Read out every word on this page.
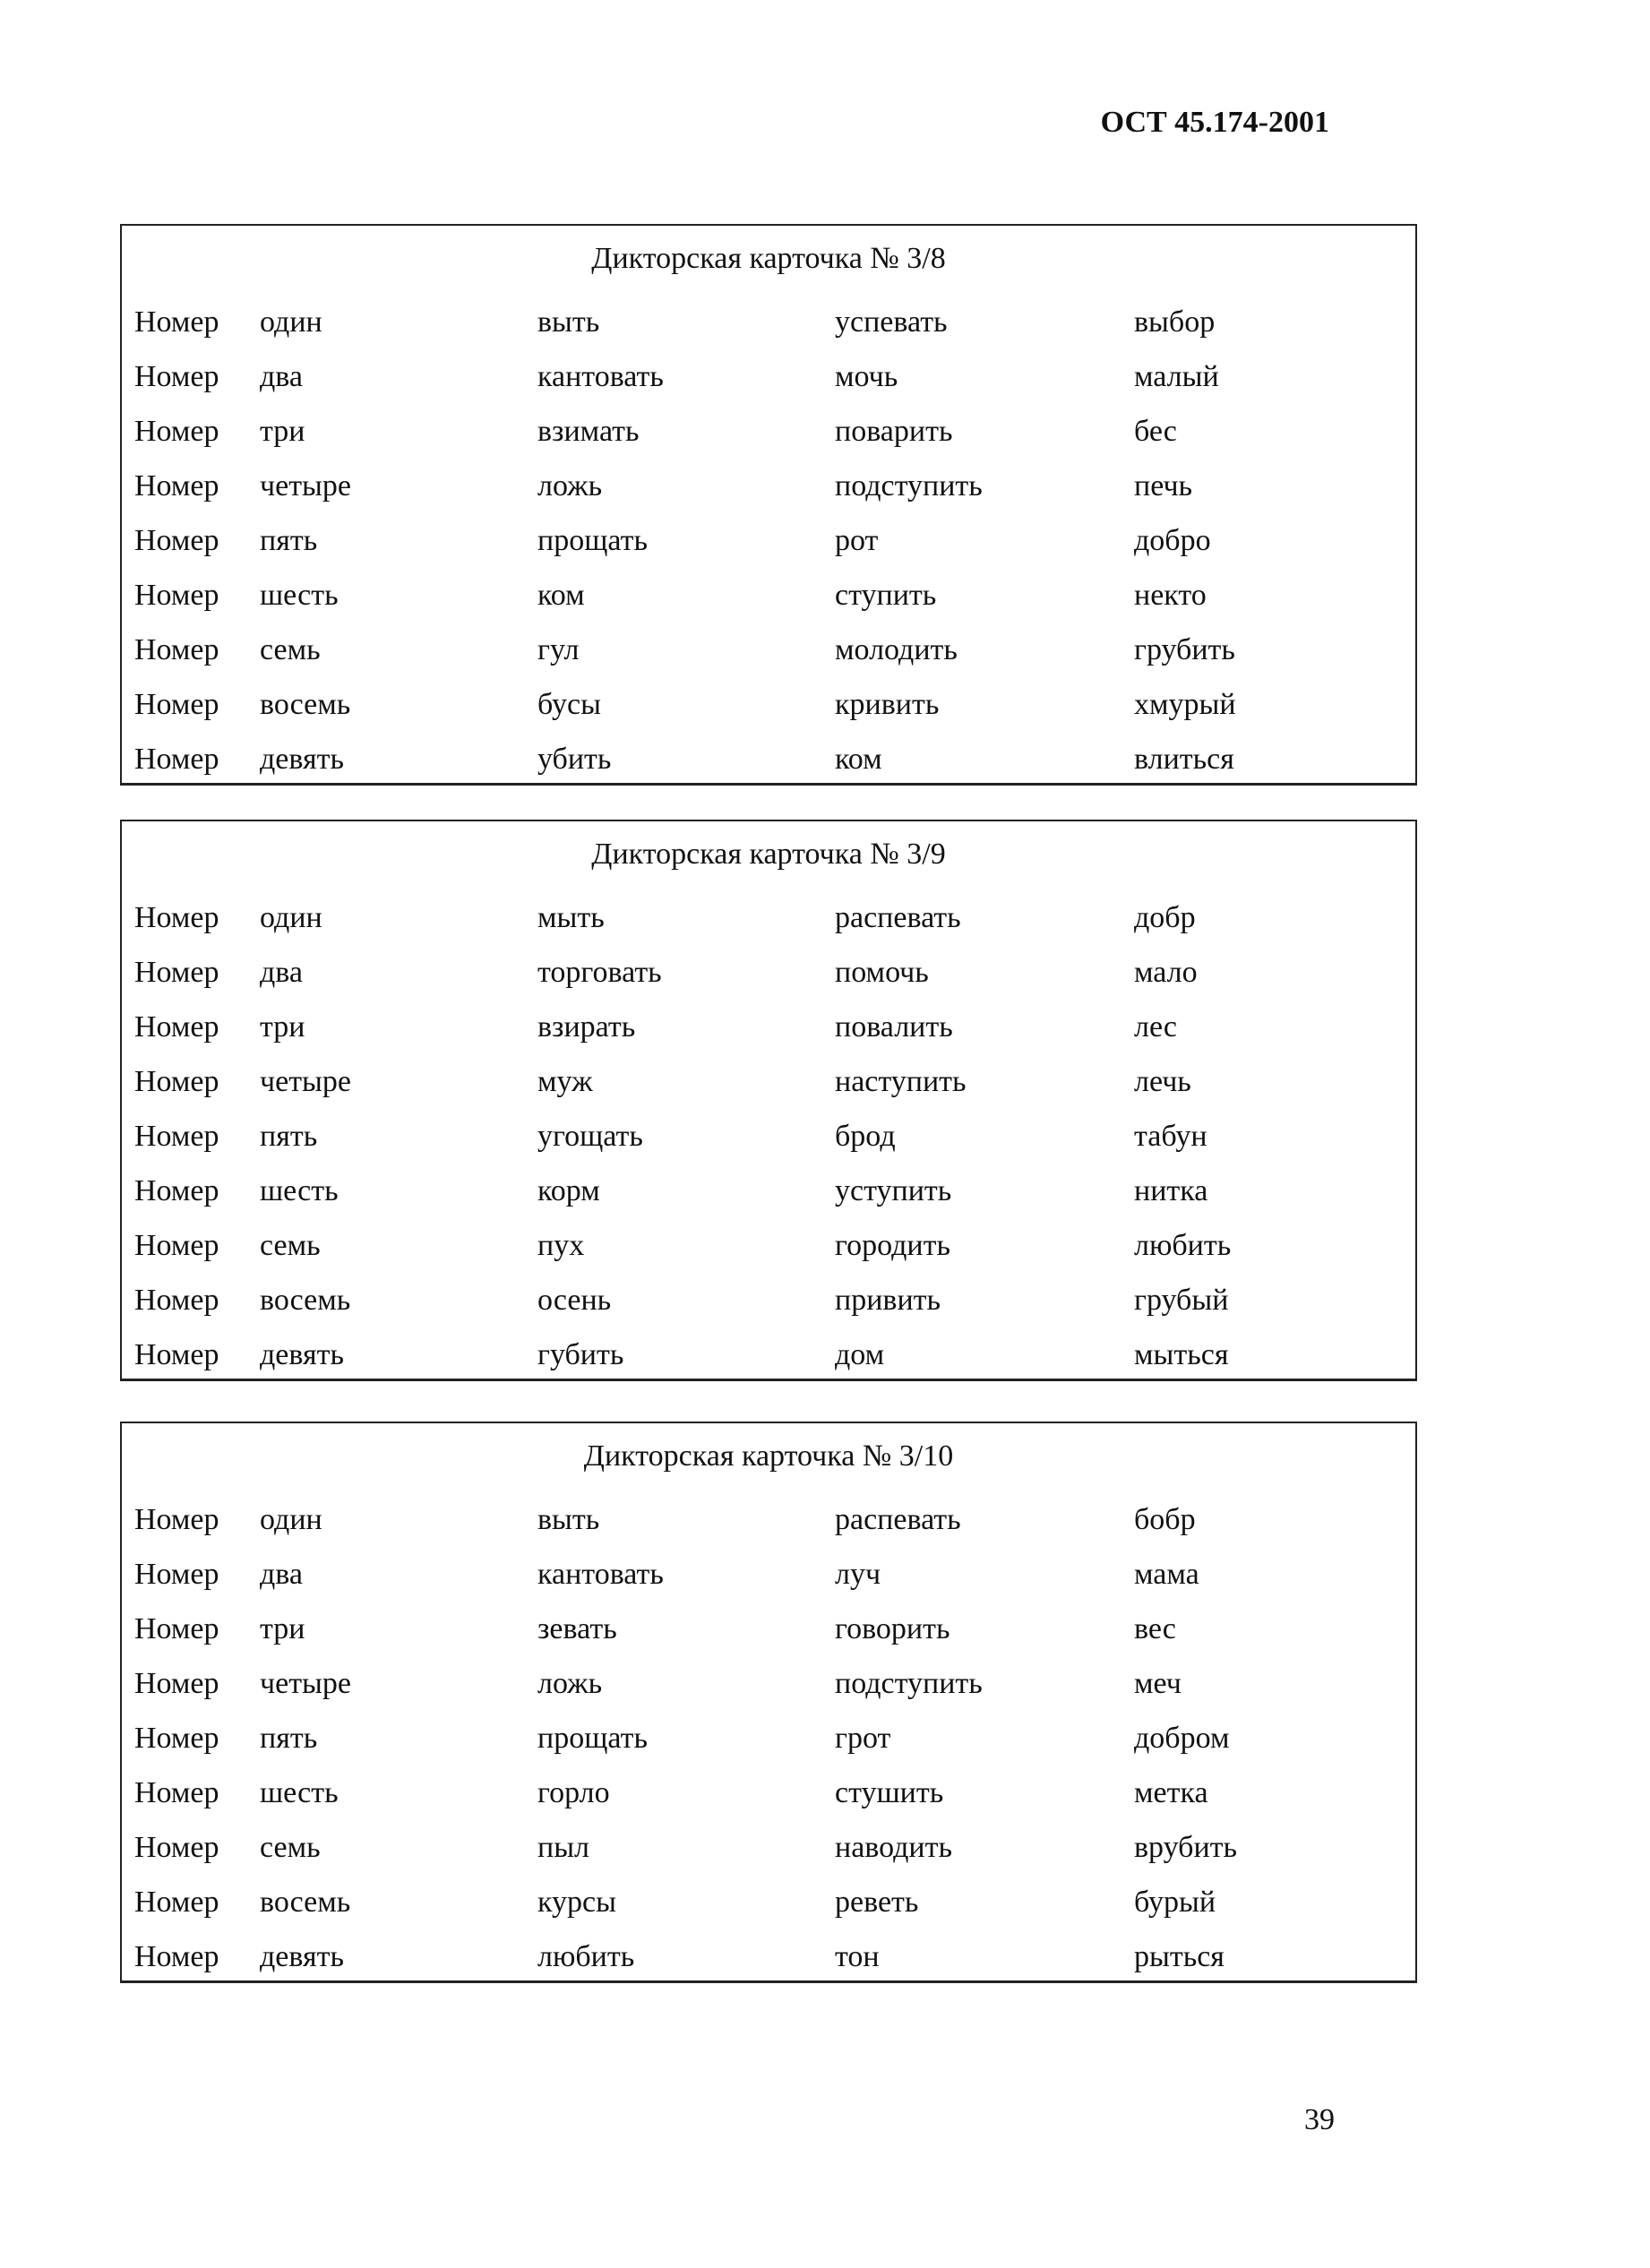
ОСТ 45.174-2001

Дикторская карточка № 3/8
Номер один	выть	успевать	выбор
Номер два	кантовать	мочь	малый
Номер три	взимать	поварить	бес
Номер четыре	ложь	подступить	печь
Номер пять	прощать	рот	добро
Номер шесть	ком	ступить	некто
Номер семь	гул	молодить	грубить
Номер восемь	бусы	кривить	хмурый
Номер девять	убить	ком	влиться
Дикторская карточка № 3/9
Номер один	мыть	распевать	добр
Номер два	торговать	помочь	мало
Номер три	взирать	повалить	лес
Номер четыре	муж	наступить	лечь
Номер пять	угощать	брод	табун
Номер шесть	корм	уступить	нитка
Номер семь	пух	городить	любить
Номер восемь	осень	привить	грубый
Номер девять	губить	дом	мыться
Дикторская карточка № 3/10
Номер один	выть	распевать	бобр
Номер два	кантовать	луч	мама
Номер три	зевать	говорить	вес
Номер четыре	ложь	подступить	меч
Номер пять	прощать	грот	добром
Номер шесть	горло	стушить	метка
Номер семь	пыл	наводить	врубить
Номер восемь	курсы	реветь	бурый
Номер девять	любить	тон	рыться

39
